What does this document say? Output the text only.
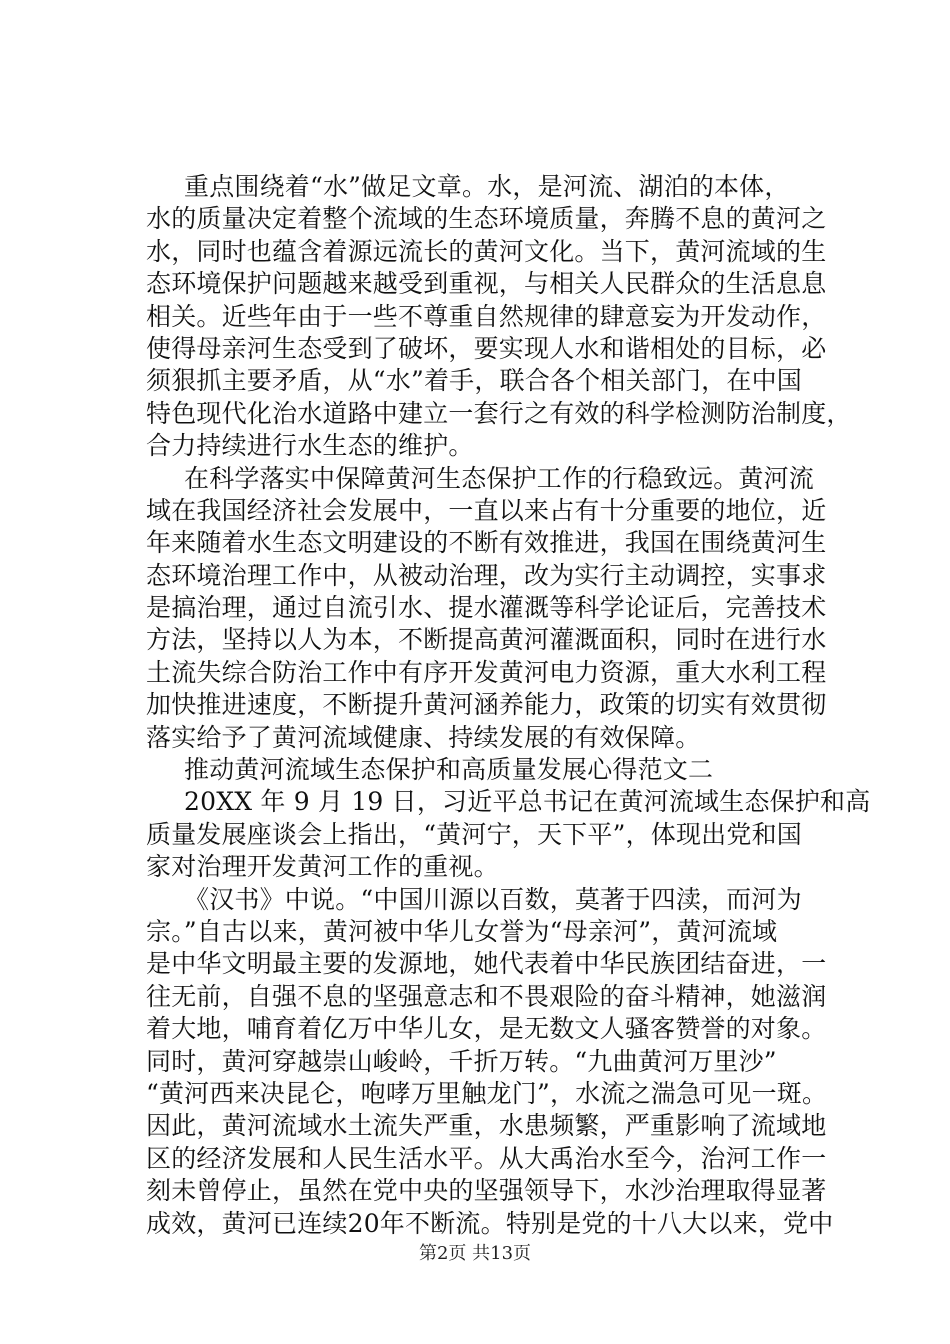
重点围绕着“水”做足文章。水，是河流、湖泊的本体，
水的质量决定着整个流域的生态环境质量，奔腾不息的黄河之
水，同时也蕴含着源远流长的黄河文化。当下，黄河流域的生
态环境保护问题越来越受到重视，与相关人民群众的生活息息
相关。近些年由于一些不尊重自然规律的肆意妄为开发动作，
使得母亲河生态受到了破坏，要实现人水和谐相处的目标，必
须狠抓主要矛盾，从“水”着手，联合各个相关部门，在中国
特色现代化治水道路中建立一套行之有效的科学检测防治制度，
合力持续进行水生态的维护。
在科学落实中保障黄河生态保护工作的行稳致远。黄河流
域在我国经济社会发展中，一直以来占有十分重要的地位，近
年来随着水生态文明建设的不断有效推进，我国在围绕黄河生
态环境治理工作中，从被动治理，改为实行主动调控，实事求
是搞治理，通过自流引水、提水灌溉等科学论证后，完善技术
方法，坚持以人为本，不断提高黄河灌溉面积，同时在进行水
土流失综合防治工作中有序开发黄河电力资源，重大水利工程
加快推进速度，不断提升黄河涵养能力，政策的切实有效贯彻
落实给予了黄河流域健康、持续发展的有效保障。
推动黄河流域生态保护和高质量发展心得范文二
20XX 年 9 月 19 日，习近平总书记在黄河流域生态保护和高
质量发展座谈会上指出，“黄河宁，天下平”，体现出党和国
家对治理开发黄河工作的重视。
《汉书》中说。“中国川源以百数，莫著于四渎，而河为
宗。”自古以来，黄河被中华儿女誉为“母亲河”，黄河流域
是中华文明最主要的发源地，她代表着中华民族团结奋进，一
往无前，自强不息的坚强意志和不畏艰险的奋斗精神，她滋润
着大地，哺育着亿万中华儿女，是无数文人骚客赞誉的对象。
同时，黄河穿越崇山峻岭，千折万转。“九曲黄河万里沙”
“黄河西来决昆仑，咆哮万里触龙门”，水流之湍急可见一斑。
因此，黄河流域水土流失严重，水患频繁，严重影响了流域地
区的经济发展和人民生活水平。从大禹治水至今，治河工作一
刻未曾停止，虽然在党中央的坚强领导下，水沙治理取得显著
成效，黄河已连续20年不断流。特别是党的十八大以来，党中
第2页 共13页
